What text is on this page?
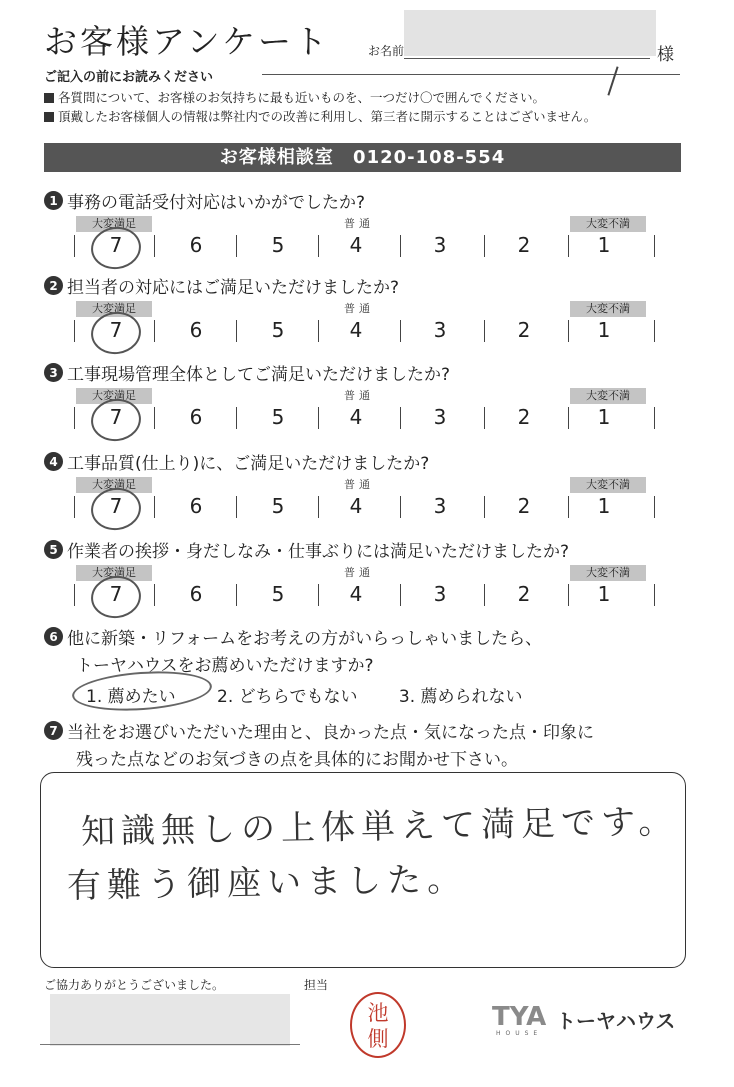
お客様アンケート	お名前	様
ご記入の前にお読みください
各質問について、お客様のお気持ちに最も近いものを、一つだけ〇で囲んでください。
頂戴したお客様個人の情報は弊社内での改善に利用し、第三者に開示することはございません。
お客様相談室 0120-108-554
1 事務の電話受付対応はいかがでしたか?
大変満足	普通	大変不満
7	6	5	4	3	2	1
2 担当者の対応にはご満足いただけましたか?
大変満足	普通	大変不満
7	6	5	4	3	2	1
3 工事現場管理全体としてご満足いただけましたか?
大変満足	普通	大変不満
7	6	5	4	3	2	1
4 工事品質(仕上り)に、ご満足いただけましたか?
大変満足	普通	大変不満
7	6	5	4	3	2	1
5 作業者の挨拶・身だしなみ・仕事ぶりには満足いただけましたか?
大変満足	普通	大変不満
7	6	5	4	3	2	1
6 他に新築・リフォームをお考えの方がいらっしゃいましたら、
トーヤハウスをお薦めいただけますか?
1. 薦めたい 2. どちらでもない 3. 薦められない
7 当社をお選びいただいた理由と、良かった点・気になった点・印象に
残った点などのお気づきの点を具体的にお聞かせ下さい。
知識無しの上体単えて満足です。
有難う御座いました。
ご協力ありがとうございました。	担当
池
側
TYA
HOUSE
トーヤハウス
